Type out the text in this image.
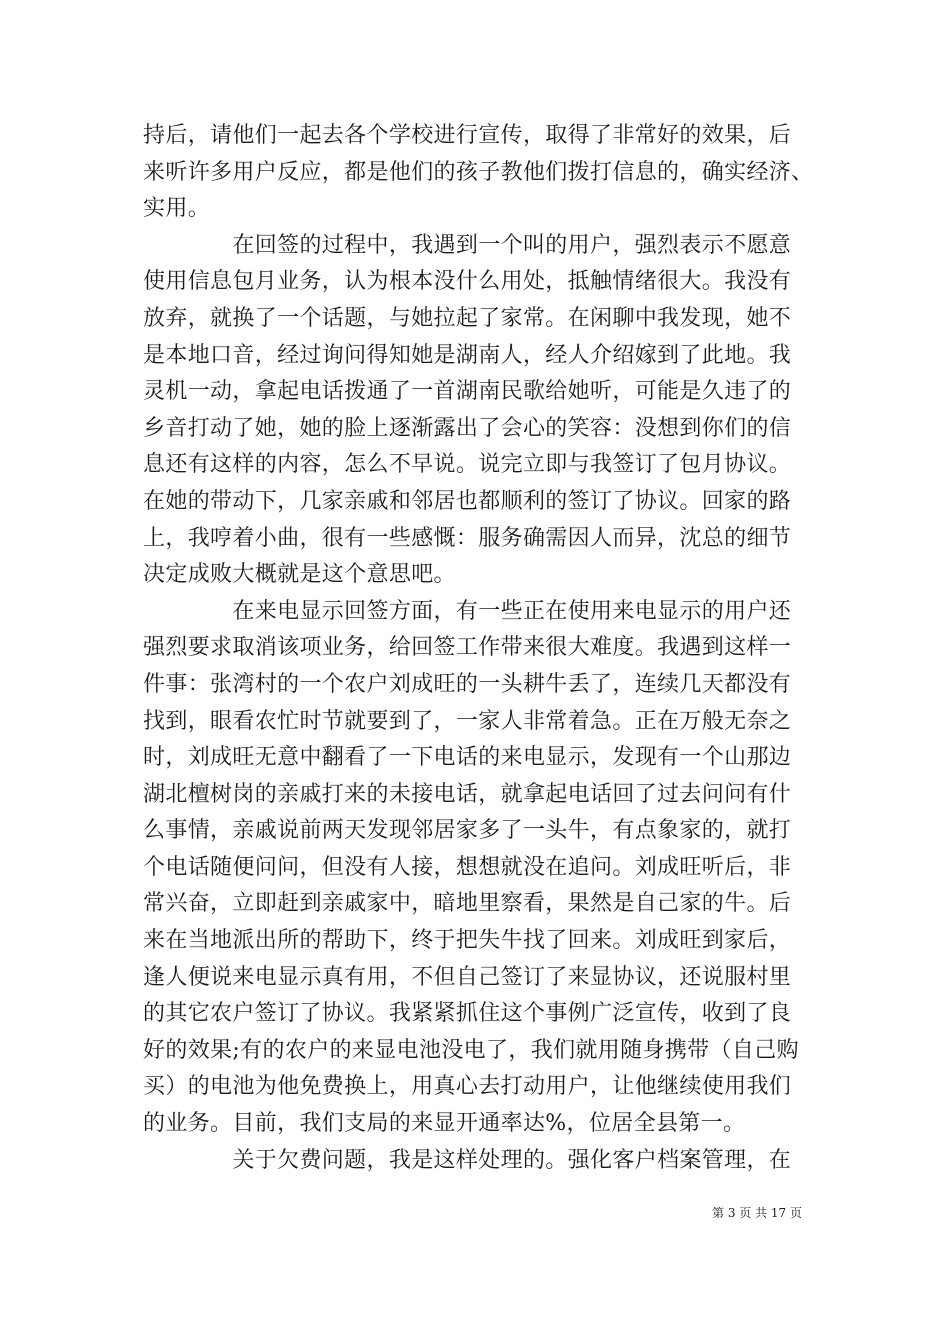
持后，请他们一起去各个学校进行宣传，取得了非常好的效果，后
来听许多用户反应，都是他们的孩子教他们拨打信息的，确实经济、
实用。
　　　　在回签的过程中，我遇到一个叫的用户，强烈表示不愿意
使用信息包月业务，认为根本没什么用处，抵触情绪很大。我没有
放弃，就换了一个话题，与她拉起了家常。在闲聊中我发现，她不
是本地口音，经过询问得知她是湖南人，经人介绍嫁到了此地。我
灵机一动，拿起电话拨通了一首湖南民歌给她听，可能是久违了的
乡音打动了她，她的脸上逐渐露出了会心的笑容：没想到你们的信
息还有这样的内容，怎么不早说。说完立即与我签订了包月协议。
在她的带动下，几家亲戚和邻居也都顺利的签订了协议。回家的路
上，我哼着小曲，很有一些感慨：服务确需因人而异，沈总的细节
决定成败大概就是这个意思吧。
　　　　在来电显示回签方面，有一些正在使用来电显示的用户还
强烈要求取消该项业务，给回签工作带来很大难度。我遇到这样一
件事：张湾村的一个农户刘成旺的一头耕牛丢了，连续几天都没有
找到，眼看农忙时节就要到了，一家人非常着急。正在万般无奈之
时，刘成旺无意中翻看了一下电话的来电显示，发现有一个山那边
湖北檀树岗的亲戚打来的未接电话，就拿起电话回了过去问问有什
么事情，亲戚说前两天发现邻居家多了一头牛，有点象家的，就打
个电话随便问问，但没有人接，想想就没在追问。刘成旺听后，非
常兴奋，立即赶到亲戚家中，暗地里察看，果然是自己家的牛。后
来在当地派出所的帮助下，终于把失牛找了回来。刘成旺到家后，
逢人便说来电显示真有用，不但自己签订了来显协议，还说服村里
的其它农户签订了协议。我紧紧抓住这个事例广泛宣传，收到了良
好的效果;有的农户的来显电池没电了，我们就用随身携带（自己购
买）的电池为他免费换上，用真心去打动用户，让他继续使用我们
的业务。目前，我们支局的来显开通率达%，位居全县第一。
　　　　关于欠费问题，我是这样处理的。强化客户档案管理，在
第 3 页 共 17 页
